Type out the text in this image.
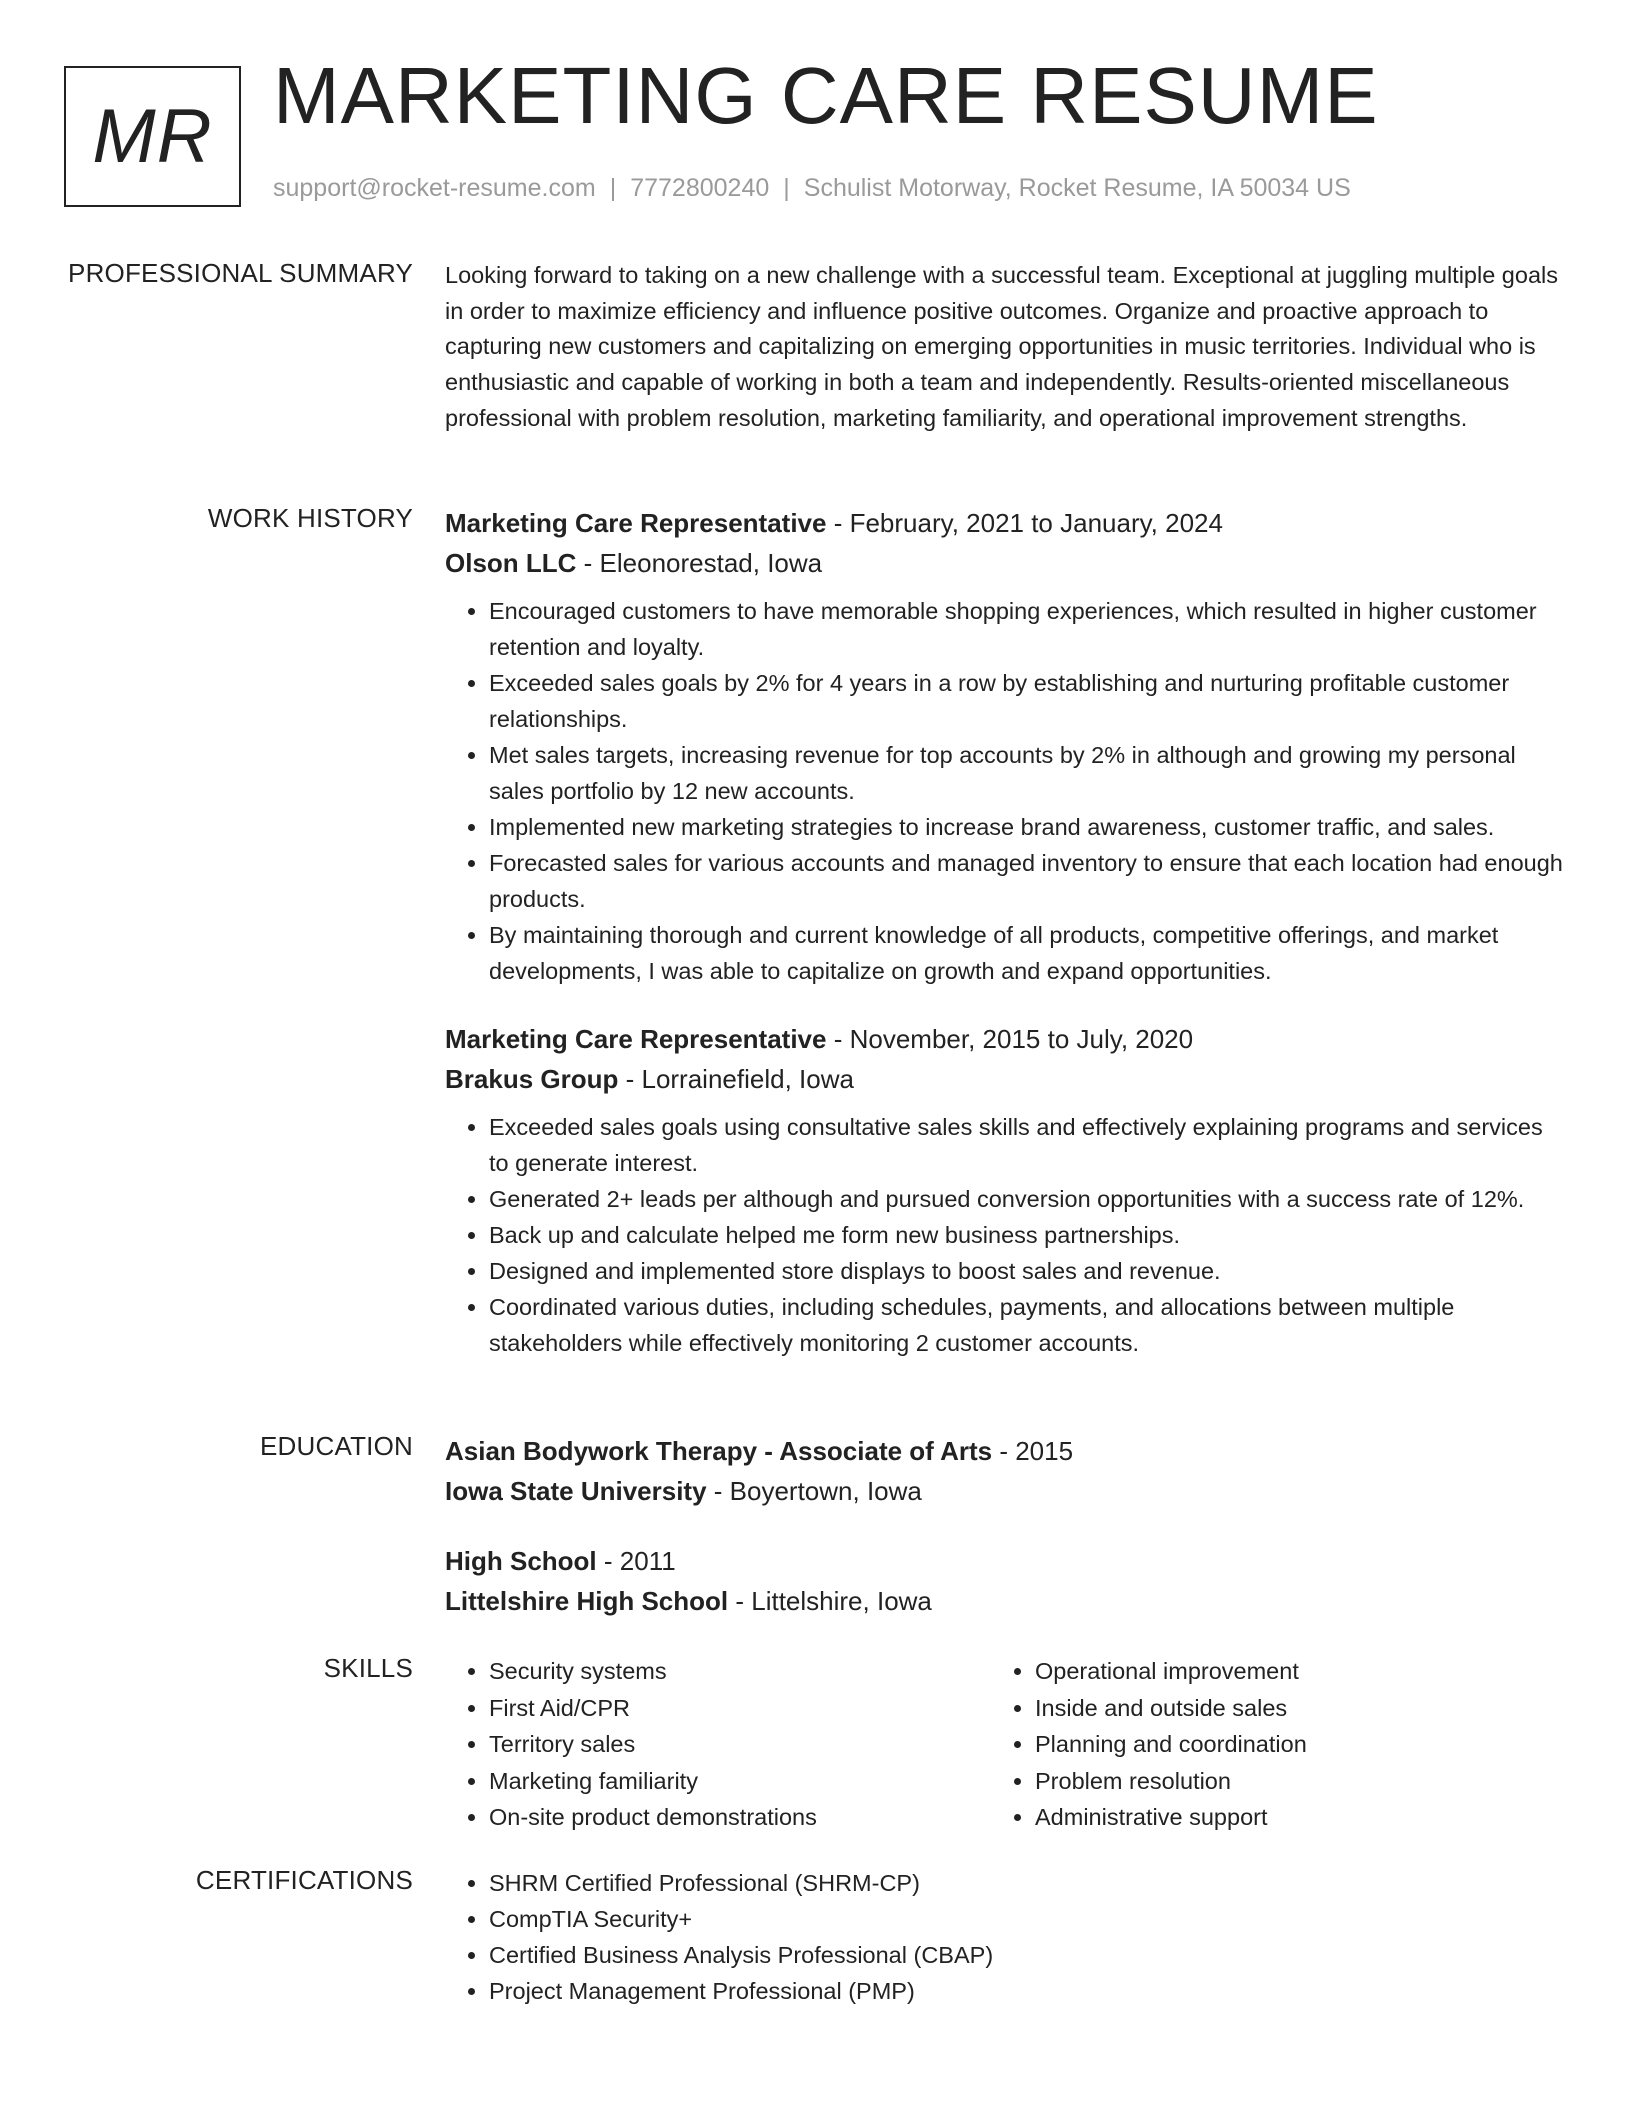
MR MARKETING CARE RESUME
support@rocket-resume.com | 7772800240 | Schulist Motorway, Rocket Resume, IA 50034 US
PROFESSIONAL SUMMARY Looking forward to taking on a new challenge with a successful team. Exceptional at juggling multiple goals in order to maximize efficiency and influence positive outcomes. Organize and proactive approach to capturing new customers and capitalizing on emerging opportunities in music territories. Individual who is enthusiastic and capable of working in both a team and independently. Results-oriented miscellaneous professional with problem resolution, marketing familiarity, and operational improvement strengths.
WORK HISTORY Marketing Care Representative - February, 2021 to January, 2024
Olson LLC - Eleonorestad, Iowa
• Encouraged customers to have memorable shopping experiences, which resulted in higher customer retention and loyalty.
• Exceeded sales goals by 2% for 4 years in a row by establishing and nurturing profitable customer relationships.
• Met sales targets, increasing revenue for top accounts by 2% in although and growing my personal sales portfolio by 12 new accounts.
• Implemented new marketing strategies to increase brand awareness, customer traffic, and sales.
• Forecasted sales for various accounts and managed inventory to ensure that each location had enough products.
• By maintaining thorough and current knowledge of all products, competitive offerings, and market developments, I was able to capitalize on growth and expand opportunities.
Marketing Care Representative - November, 2015 to July, 2020
Brakus Group - Lorrainefield, Iowa
• Exceeded sales goals using consultative sales skills and effectively explaining programs and services to generate interest.
• Generated 2+ leads per although and pursued conversion opportunities with a success rate of 12%.
• Back up and calculate helped me form new business partnerships.
• Designed and implemented store displays to boost sales and revenue.
• Coordinated various duties, including schedules, payments, and allocations between multiple stakeholders while effectively monitoring 2 customer accounts.
EDUCATION Asian Bodywork Therapy - Associate of Arts - 2015
Iowa State University - Boyertown, Iowa
High School - 2011
Littelshire High School - Littelshire, Iowa
SKILLS	• Security systems
• First Aid/CPR
• Territory sales
• Marketing familiarity
• On-site product demonstrations
• Operational improvement
• Inside and outside sales
• Planning and coordination
• Problem resolution
• Administrative support
CERTIFICATIONS	• SHRM Certified Professional (SHRM-CP)
• CompTIA Security+
• Certified Business Analysis Professional (CBAP)
• Project Management Professional (PMP)
